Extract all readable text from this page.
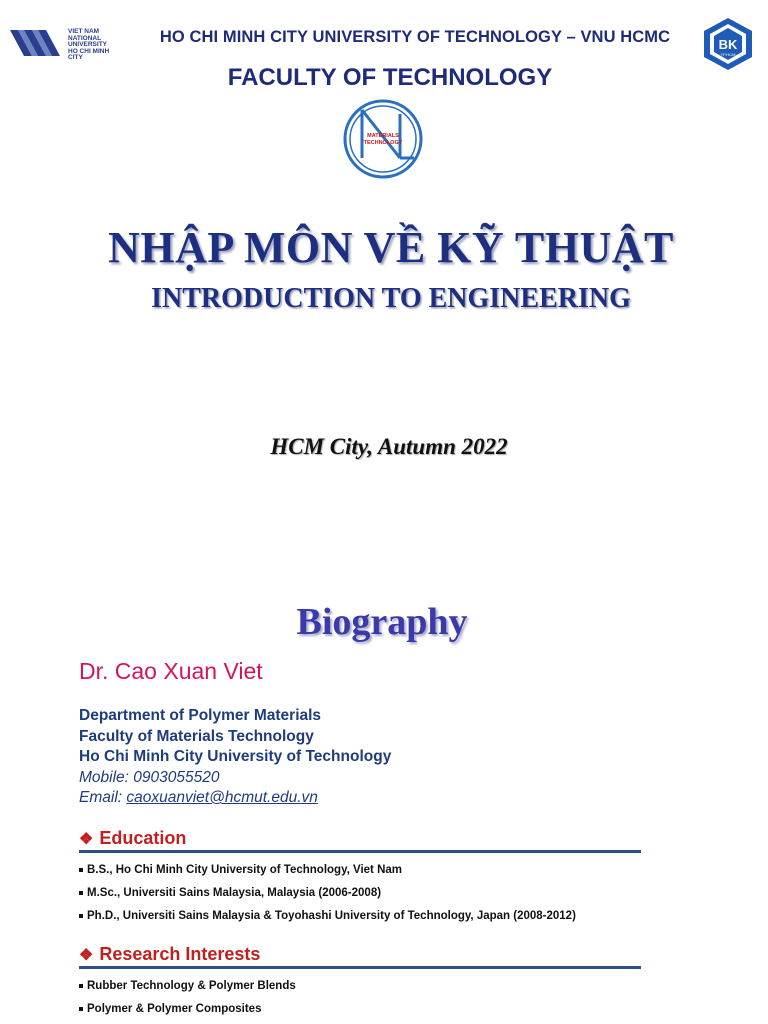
VIET NAM
NATIONAL
UNIVERSITY
HO CHI MINH CITY
HO CHI MINH CITY UNIVERSITY OF TECHNOLOGY – VNU HCMC
FACULTY OF TECHNOLOGY
BK
TP.HCM
MATERIALS
TECHNOLOGY
NHẬP MÔN VỀ KỸ THUẬT
INTRODUCTION TO ENGINEERING
HCM City, Autumn 2022
Biography
Dr. Cao Xuan Viet
Department of Polymer Materials
Faculty of Materials Technology
Ho Chi Minh City University of Technology
Mobile: 0903055520
Email: caoxuanviet@hcmut.edu.vn
❖ Education
B.S., Ho Chi Minh City University of Technology, Viet Nam
M.Sc., Universiti Sains Malaysia, Malaysia (2006-2008)
Ph.D., Universiti Sains Malaysia & Toyohashi University of Technology, Japan (2008-2012)
❖ Research Interests
Rubber Technology & Polymer Blends
Polymer & Polymer Composites
